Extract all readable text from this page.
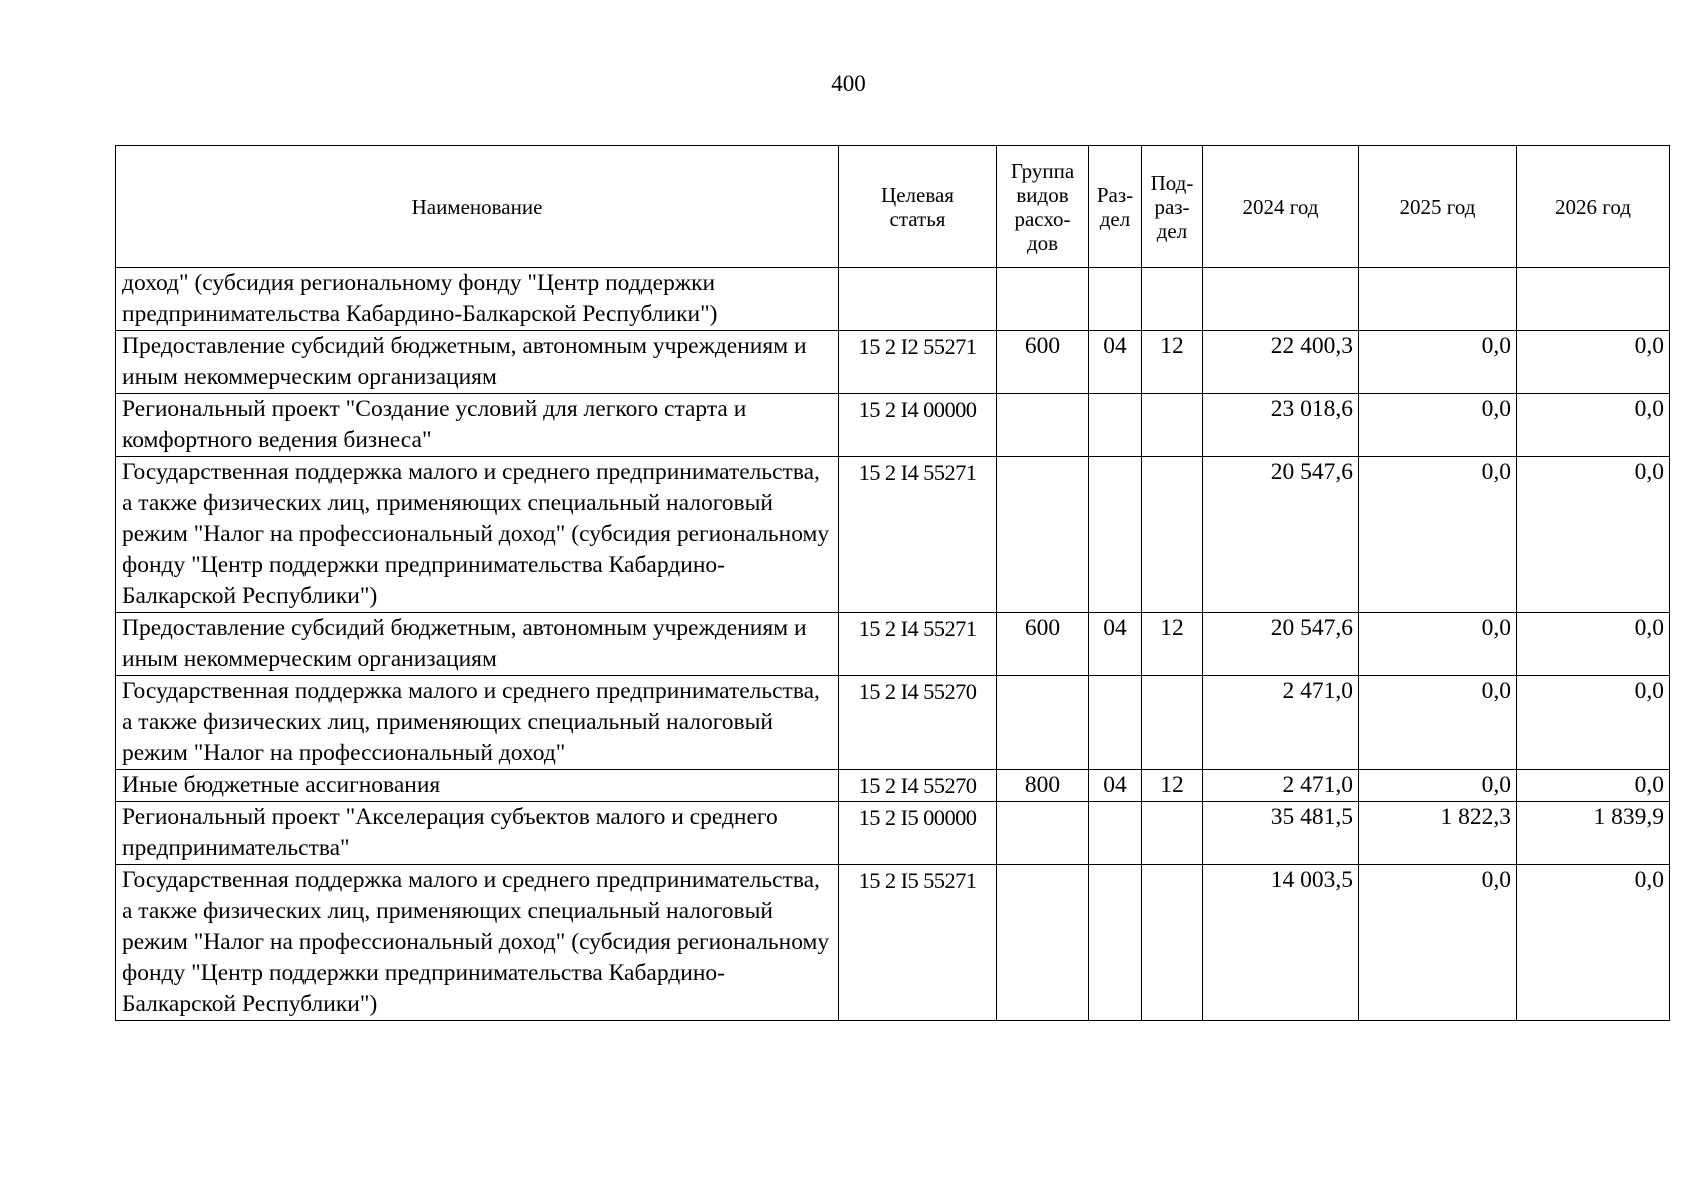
400
Наименование	Целевая статья	Группа видов расхо-дов	Раз-дел	Под-раз-дел	2024 год	2025 год	2026 год
доход" (субсидия региональному фонду "Центр поддержки предпринимательства Кабардино-Балкарской Республики")							
Предоставление субсидий бюджетным, автономным учреждениям и иным некоммерческим организациям	15 2 I2 55271	600	04	12	22 400,3	0,0	0,0
Региональный проект "Создание условий для легкого старта и комфортного ведения бизнеса"	15 2 I4 00000				23 018,6	0,0	0,0
Государственная поддержка малого и среднего предпринимательства, а также физических лиц, применяющих специальный налоговый режим "Налог на профессиональный доход" (субсидия региональному фонду "Центр поддержки предпринимательства Кабардино-Балкарской Республики")	15 2 I4 55271				20 547,6	0,0	0,0
Предоставление субсидий бюджетным, автономным учреждениям и иным некоммерческим организациям	15 2 I4 55271	600	04	12	20 547,6	0,0	0,0
Государственная поддержка малого и среднего предпринимательства, а также физических лиц, применяющих специальный налоговый режим "Налог на профессиональный доход"	15 2 I4 55270				2 471,0	0,0	0,0
Иные бюджетные ассигнования	15 2 I4 55270	800	04	12	2 471,0	0,0	0,0
Региональный проект "Акселерация субъектов малого и среднего предпринимательства"	15 2 I5 00000				35 481,5	1 822,3	1 839,9
Государственная поддержка малого и среднего предпринимательства, а также физических лиц, применяющих специальный налоговый режим "Налог на профессиональный доход" (субсидия региональному фонду "Центр поддержки предпринимательства Кабардино-Балкарской Республики")	15 2 I5 55271				14 003,5	0,0	0,0
